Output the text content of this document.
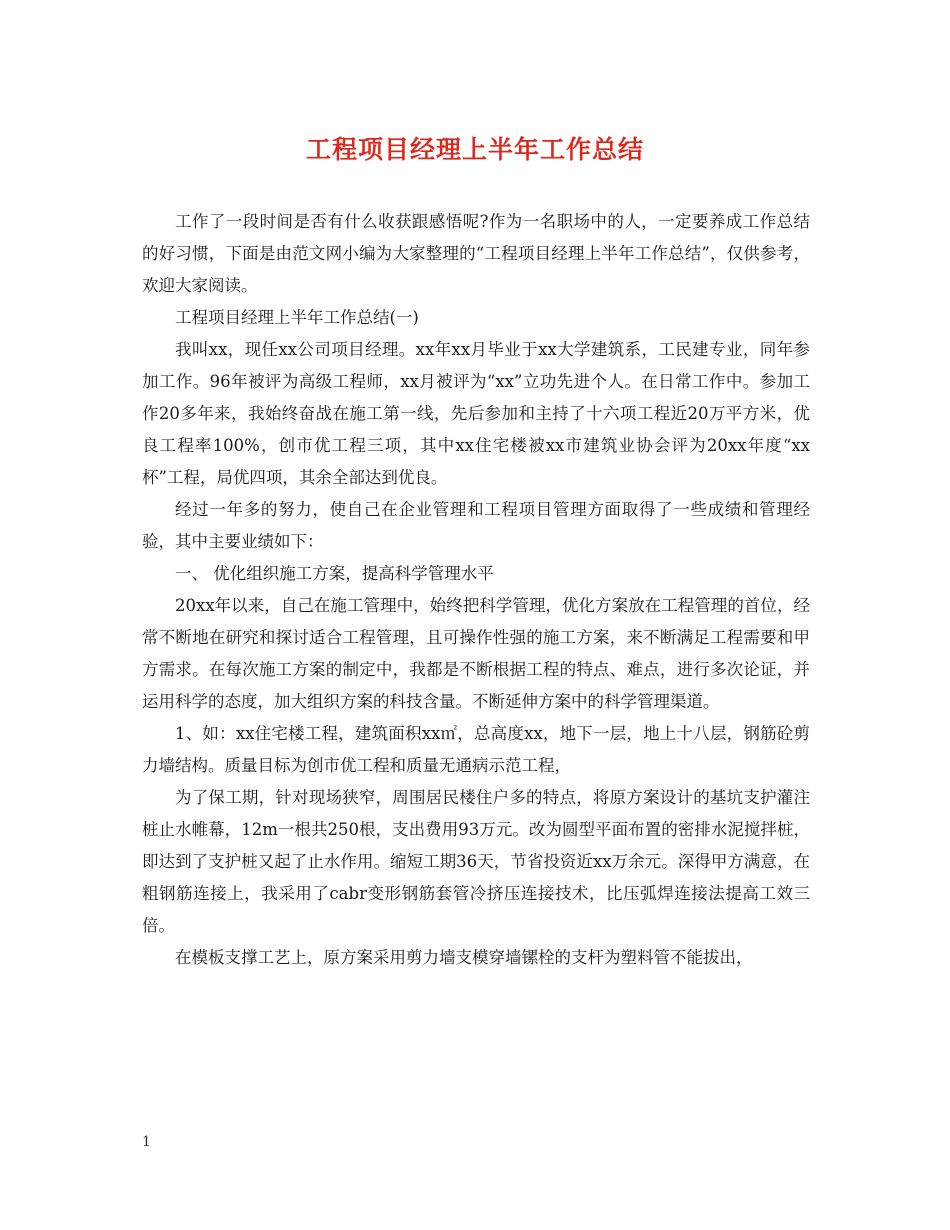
工程项目经理上半年工作总结

工作了一段时间是否有什么收获跟感悟呢?作为一名职场中的人，一定要养成工作总结的好习惯，下面是由范文网小编为大家整理的“工程项目经理上半年工作总结”，仅供参考，欢迎大家阅读。

工程项目经理上半年工作总结(一)

我叫xx，现任xx公司项目经理。xx年xx月毕业于xx大学建筑系，工民建专业，同年参加工作。96年被评为高级工程师，xx月被评为“xx”立功先进个人。在日常工作中。参加工作20多年来，我始终奋战在施工第一线，先后参加和主持了十六项工程近20万平方米，优良工程率100%，创市优工程三项，其中xx住宅楼被xx市建筑业协会评为20xx年度“xx杯”工程，局优四项，其余全部达到优良。

经过一年多的努力，使自己在企业管理和工程项目管理方面取得了一些成绩和管理经验，其中主要业绩如下：

一、 优化组织施工方案，提高科学管理水平

20xx年以来，自己在施工管理中，始终把科学管理，优化方案放在工程管理的首位，经常不断地在研究和探讨适合工程管理，且可操作性强的施工方案，来不断满足工程需要和甲方需求。在每次施工方案的制定中，我都是不断根据工程的特点、难点，进行多次论证，并运用科学的态度，加大组织方案的科技含量。不断延伸方案中的科学管理渠道。

1、如：xx住宅楼工程，建筑面积xx㎡，总高度xx，地下一层，地上十八层，钢筋砼剪力墙结构。质量目标为创市优工程和质量无通病示范工程，

为了保工期，针对现场狭窄，周围居民楼住户多的特点，将原方案设计的基坑支护灌注桩止水帷幕，12m一根共250根，支出费用93万元。改为圆型平面布置的密排水泥搅拌桩，即达到了支护桩又起了止水作用。缩短工期36天，节省投资近xx万余元。深得甲方满意，在粗钢筋连接上，我采用了cabr变形钢筋套管冷挤压连接技术，比压弧焊连接法提高工效三倍。

在模板支撑工艺上，原方案采用剪力墙支模穿墙镙栓的支杆为塑料管不能拔出，

1
